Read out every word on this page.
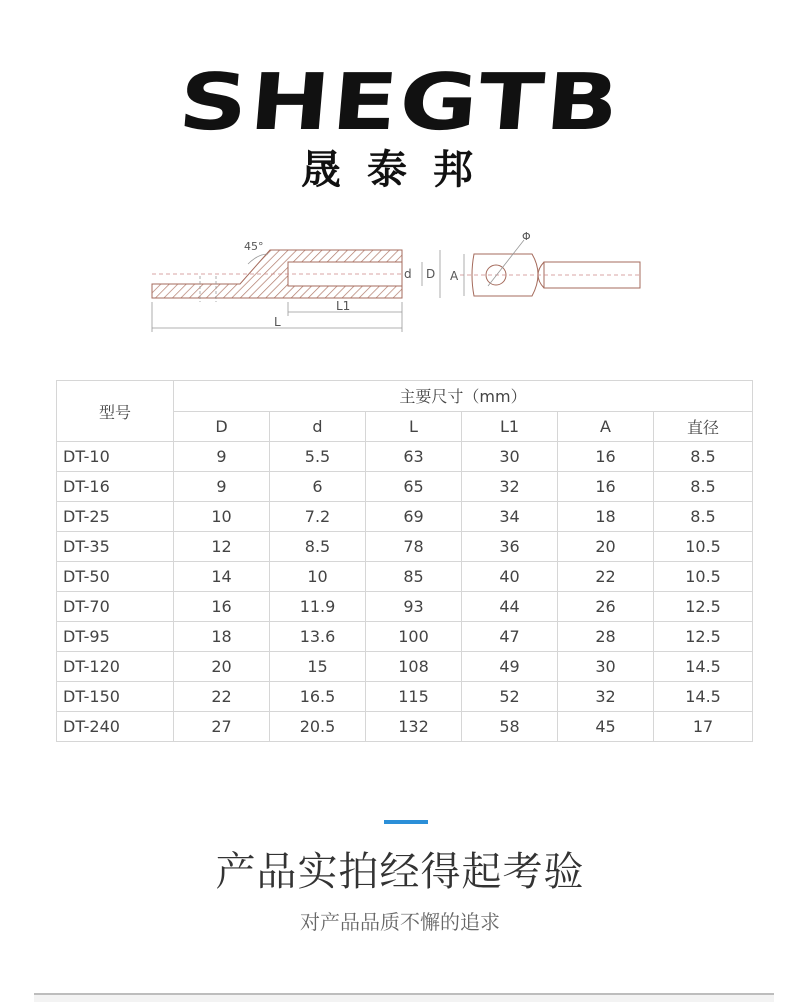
SHEGTB
晟泰邦
45°
d D
L1
L
A
Φ
型号	主要尺寸（mm）					
	D	d	L	L1	A	直径
DT-10	9	5.5	63	30	16	8.5
DT-16	9	6	65	32	16	8.5
DT-25	10	7.2	69	34	18	8.5
DT-35	12	8.5	78	36	20	10.5
DT-50	14	10	85	40	22	10.5
DT-70	16	11.9	93	44	26	12.5
DT-95	18	13.6	100	47	28	12.5
DT-120	20	15	108	49	30	14.5
DT-150	22	16.5	115	52	32	14.5
DT-240	27	20.5	132	58	45	17
产品实拍经得起考验
对产品品质不懈的追求
